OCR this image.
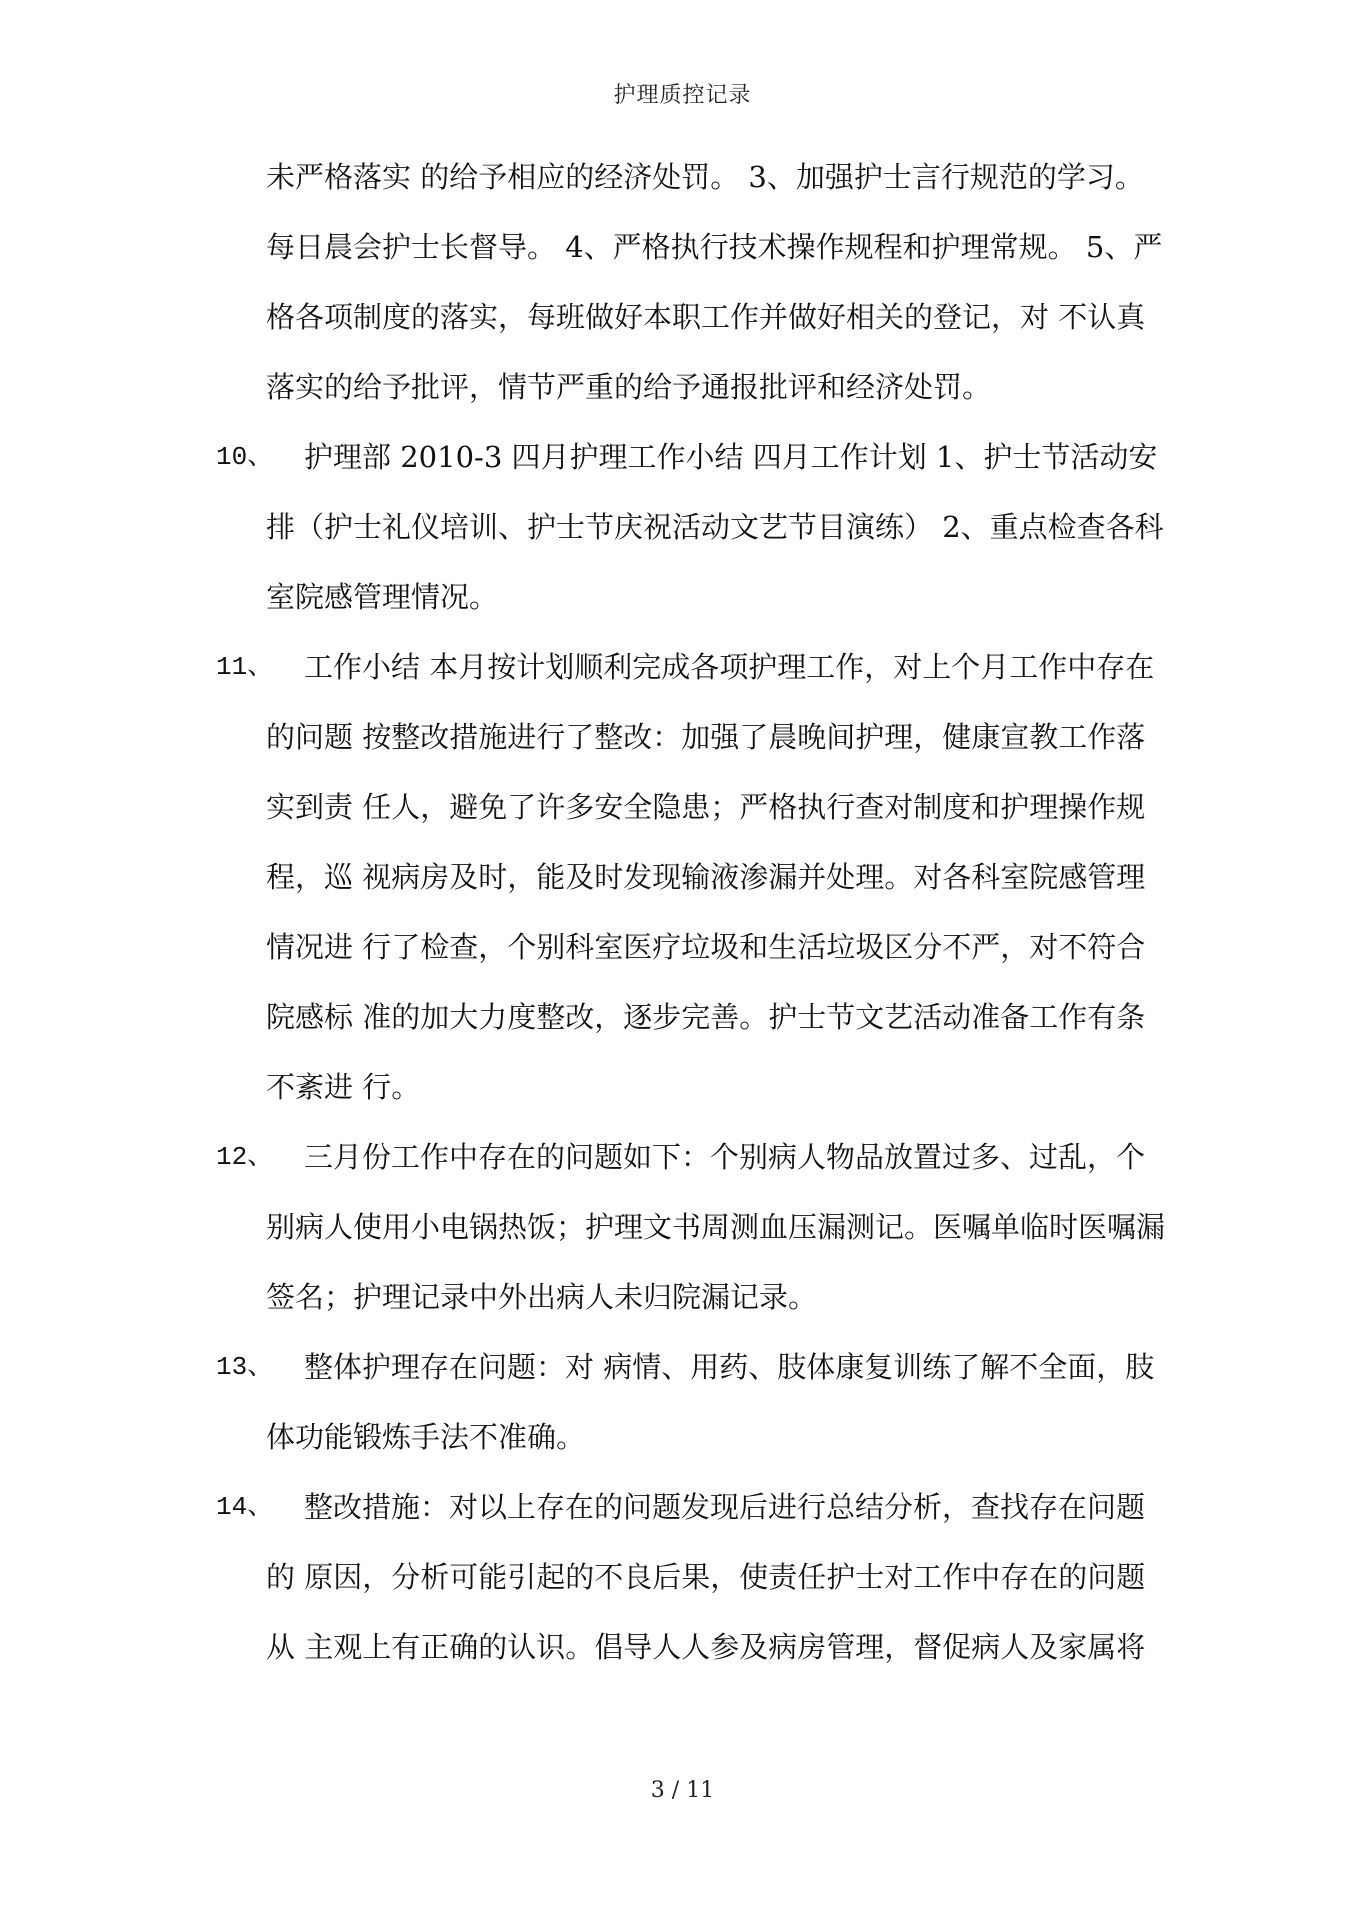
护理质控记录

未严格落实 的给予相应的经济处罚。 3、加强护士言行规范的学习。每日晨会护士长督导。 4、严格执行技术操作规程和护理常规。 5、严格各项制度的落实，每班做好本职工作并做好相关的登记，对 不认真落实的给予批评，情节严重的给予通报批评和经济处罚。

10、	护理部 2010-3 四月护理工作小结 四月工作计划 1、护士节活动安排（护士礼仪培训、护士节庆祝活动文艺节目演练） 2、重点检查各科室院感管理情况。

11、	工作小结 本月按计划顺利完成各项护理工作，对上个月工作中存在的问题 按整改措施进行了整改：加强了晨晚间护理，健康宣教工作落实到责 任人，避免了许多安全隐患；严格执行查对制度和护理操作规程，巡 视病房及时，能及时发现输液渗漏并处理。对各科室院感管理情况进 行了检查，个别科室医疗垃圾和生活垃圾区分不严，对不符合院感标 准的加大力度整改，逐步完善。护士节文艺活动准备工作有条不紊进 行。

12、	三月份工作中存在的问题如下：个别病人物品放置过多、过乱，个别病人使用小电锅热饭；护理文书周测血压漏测记。医嘱单临时医嘱漏签名；护理记录中外出病人未归院漏记录。

13、	整体护理存在问题：对 病情、用药、肢体康复训练了解不全面，肢体功能锻炼手法不准确。

14、	整改措施：对以上存在的问题发现后进行总结分析，查找存在问题的 原因，分析可能引起的不良后果，使责任护士对工作中存在的问题从 主观上有正确的认识。倡导人人参及病房管理，督促病人及家属将

3 / 11
